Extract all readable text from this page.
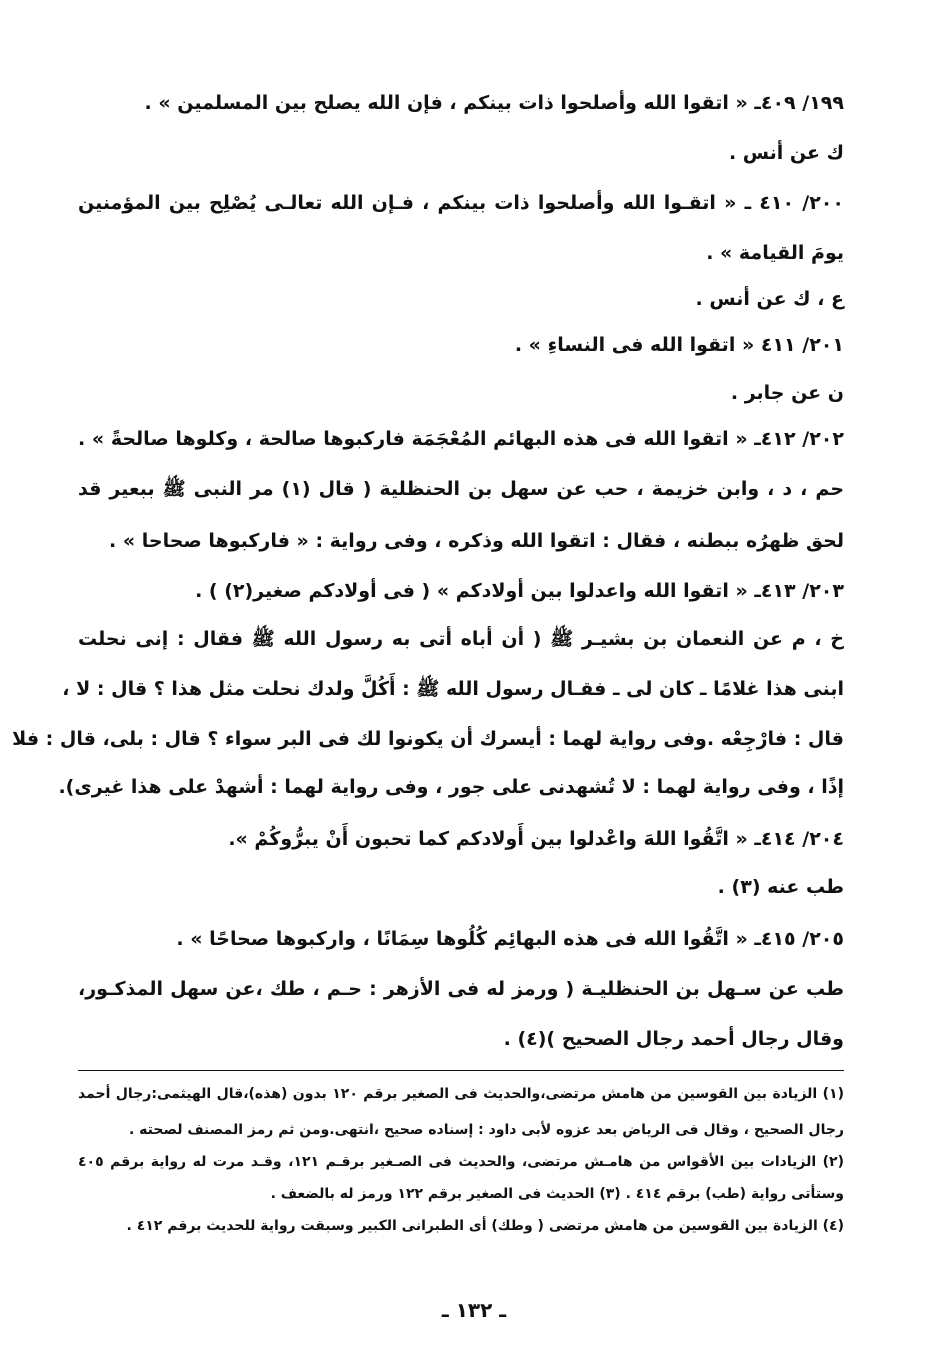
١٩٩/ ٤٠٩ـ « اتقوا الله وأصلحوا ذات بينكم ، فإن الله يصلح بين المسلمين » .
ك عن أنس .
٢٠٠/ ٤١٠ ـ « اتقـوا الله وأصلحوا ذات بينكم ، فـإن الله تعالـى يُصْلِح بين المؤمنين
يومَ القيامة » .
ع ، ك عن أنس .
٢٠١/ ٤١١ « اتقوا الله فى النساءِ » .
ن عن جابر .
٢٠٢/ ٤١٢ـ « اتقوا الله فى هذه البهائم المُعْجَمَة فاركبوها صالحة ، وكلوها صالحةً » .
حم ، د ، وابن خزيمة ، حب عن سهل بن الحنظلية ( قال (١) مر النبى ﷺ ببعير قد
لحق ظهرُه ببطنه ، فقال : اتقوا الله وذكره ، وفى رواية : « فاركبوها صحاحا » .
٢٠٣/ ٤١٣ـ « اتقوا الله واعدلوا بين أولادكم » ( فى أولادكم صغير(٢) ) .
خ ، م عن النعمان بن بشيـر ﷺ ( أن أباه أتى به رسول الله ﷺ فقال : إنى نحلت
ابنى هذا غلامًا ـ كان لى ـ فقـال رسول الله ﷺ : أَكُلَّ ولدك نحلت مثل هذا ؟ قال : لا ،
قال : فارْجِعْه .وفى رواية لهما : أيسرك أن يكونوا لك فى البر سواء ؟ قال : بلى، قال : فلا
إذًا ، وفى رواية لهما : لا تُشهدنى على جور ، وفى رواية لهما : أشهدْ على هذا غيرى).
٢٠٤/ ٤١٤ـ « اتَّقُوا اللهَ واعْدلوا بين أَولادكم كما تحبون أَنْ يبرُّوكُمْ ».
طب عنه (٣) .
٢٠٥/ ٤١٥ـ « اتَّقُوا الله فى هذه البهائِم كُلُوها سِمَانًا ، واركبوها صحاحًا » .
طب عن سـهل بن الحنظليـة ( ورمز له فى الأزهر : حـم ، طك ،عن سهل المذكـور،
وقال رجال أحمد رجال الصحيح )(٤) .
(١) الزيادة بين القوسين من هامش مرتضى،والحديث فى الصغير برقم ١٢٠ بدون (هذه)،قال الهيثمى:رجال أحمد
رجال الصحيح ، وقال فى الرياض بعد عزوه لأبى داود : إسناده صحيح ،انتهى.ومن ثم رمز المصنف لصحته .
(٢) الزيادات بين الأقواس من هامـش مرتضى، والحديث فى الصـغير برقـم ١٢١، وقـد مرت له رواية برقم ٤٠٥
وستأتى رواية (طب) برقم ٤١٤ . (٣) الحديث فى الصغير برقم ١٢٢ ورمز له بالضعف .
(٤) الزيادة بين القوسين من هامش مرتضى ( وطك) أى الطبرانى الكبير وسبقت رواية للحديث برقم ٤١٢ .
ـ ١٣٢ ـ
